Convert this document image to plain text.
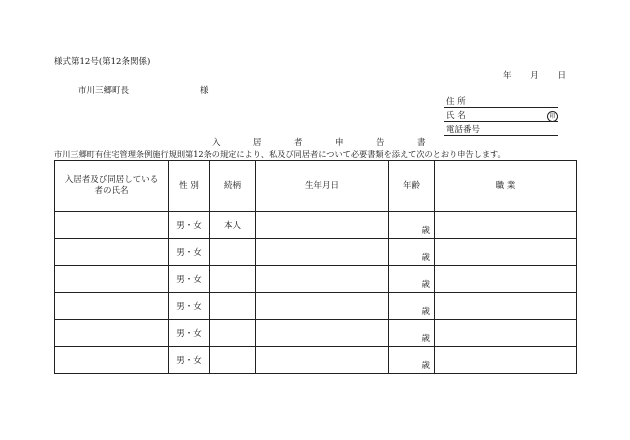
様式第12号(第12条関係)
年 月 日
市川三郷町長	様
住 所
氏 名	印
電話番号
入	居	者	申	告	書
市川三郷町有住宅管理条例施行規則第12条の規定により、私及び同居者について必要書類を添えて次のとおり申告します。
入居者及び同居している者の氏名	性 別	続柄	生年月日	年齢	職 業
	男・女	本人		歳	

	男・女			歳	

	男・女			歳	

	男・女			歳	

	男・女			歳	

	男・女			歳	
